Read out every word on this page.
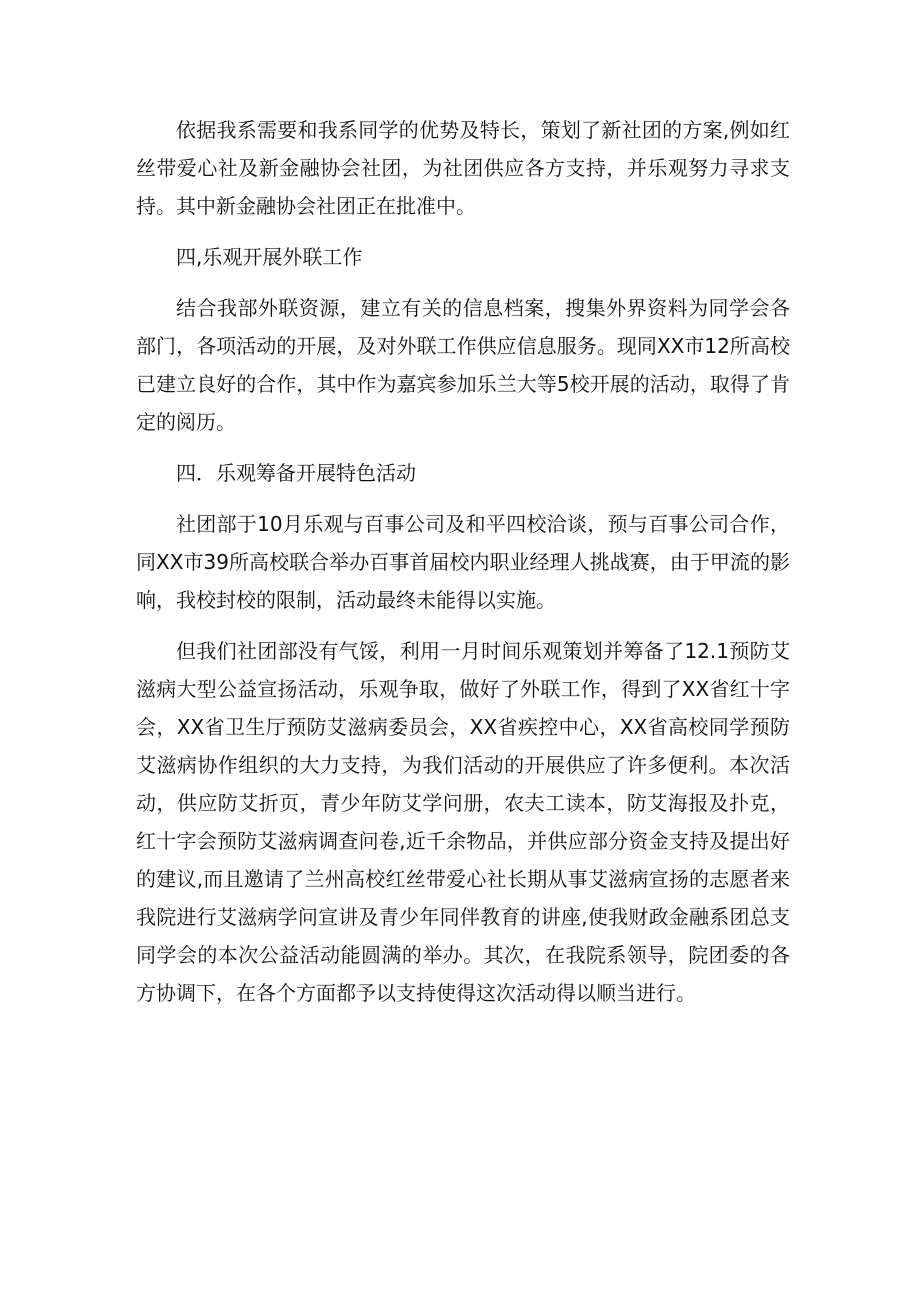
依据我系需要和我系同学的优势及特长，策划了新社团的方案,例如红丝带爱心社及新金融协会社团，为社团供应各方支持，并乐观努力寻求支持。其中新金融协会社团正在批准中。

四,乐观开展外联工作

结合我部外联资源，建立有关的信息档案，搜集外界资料为同学会各部门，各项活动的开展，及对外联工作供应信息服务。现同XX市12所高校已建立良好的合作，其中作为嘉宾参加乐兰大等5校开展的活动，取得了肯定的阅历。

四．乐观筹备开展特色活动

社团部于10月乐观与百事公司及和平四校洽谈，预与百事公司合作，同XX市39所高校联合举办百事首届校内职业经理人挑战赛，由于甲流的影响，我校封校的限制，活动最终未能得以实施。

但我们社团部没有气馁，利用一月时间乐观策划并筹备了12.1预防艾滋病大型公益宣扬活动，乐观争取，做好了外联工作，得到了XX省红十字会，XX省卫生厅预防艾滋病委员会，XX省疾控中心，XX省高校同学预防艾滋病协作组织的大力支持，为我们活动的开展供应了许多便利。本次活动，供应防艾折页，青少年防艾学问册，农夫工读本，防艾海报及扑克，红十字会预防艾滋病调查问卷,近千余物品，并供应部分资金支持及提出好的建议,而且邀请了兰州高校红丝带爱心社长期从事艾滋病宣扬的志愿者来我院进行艾滋病学问宣讲及青少年同伴教育的讲座,使我财政金融系团总支同学会的本次公益活动能圆满的举办。其次，在我院系领导，院团委的各方协调下，在各个方面都予以支持使得这次活动得以顺当进行。
